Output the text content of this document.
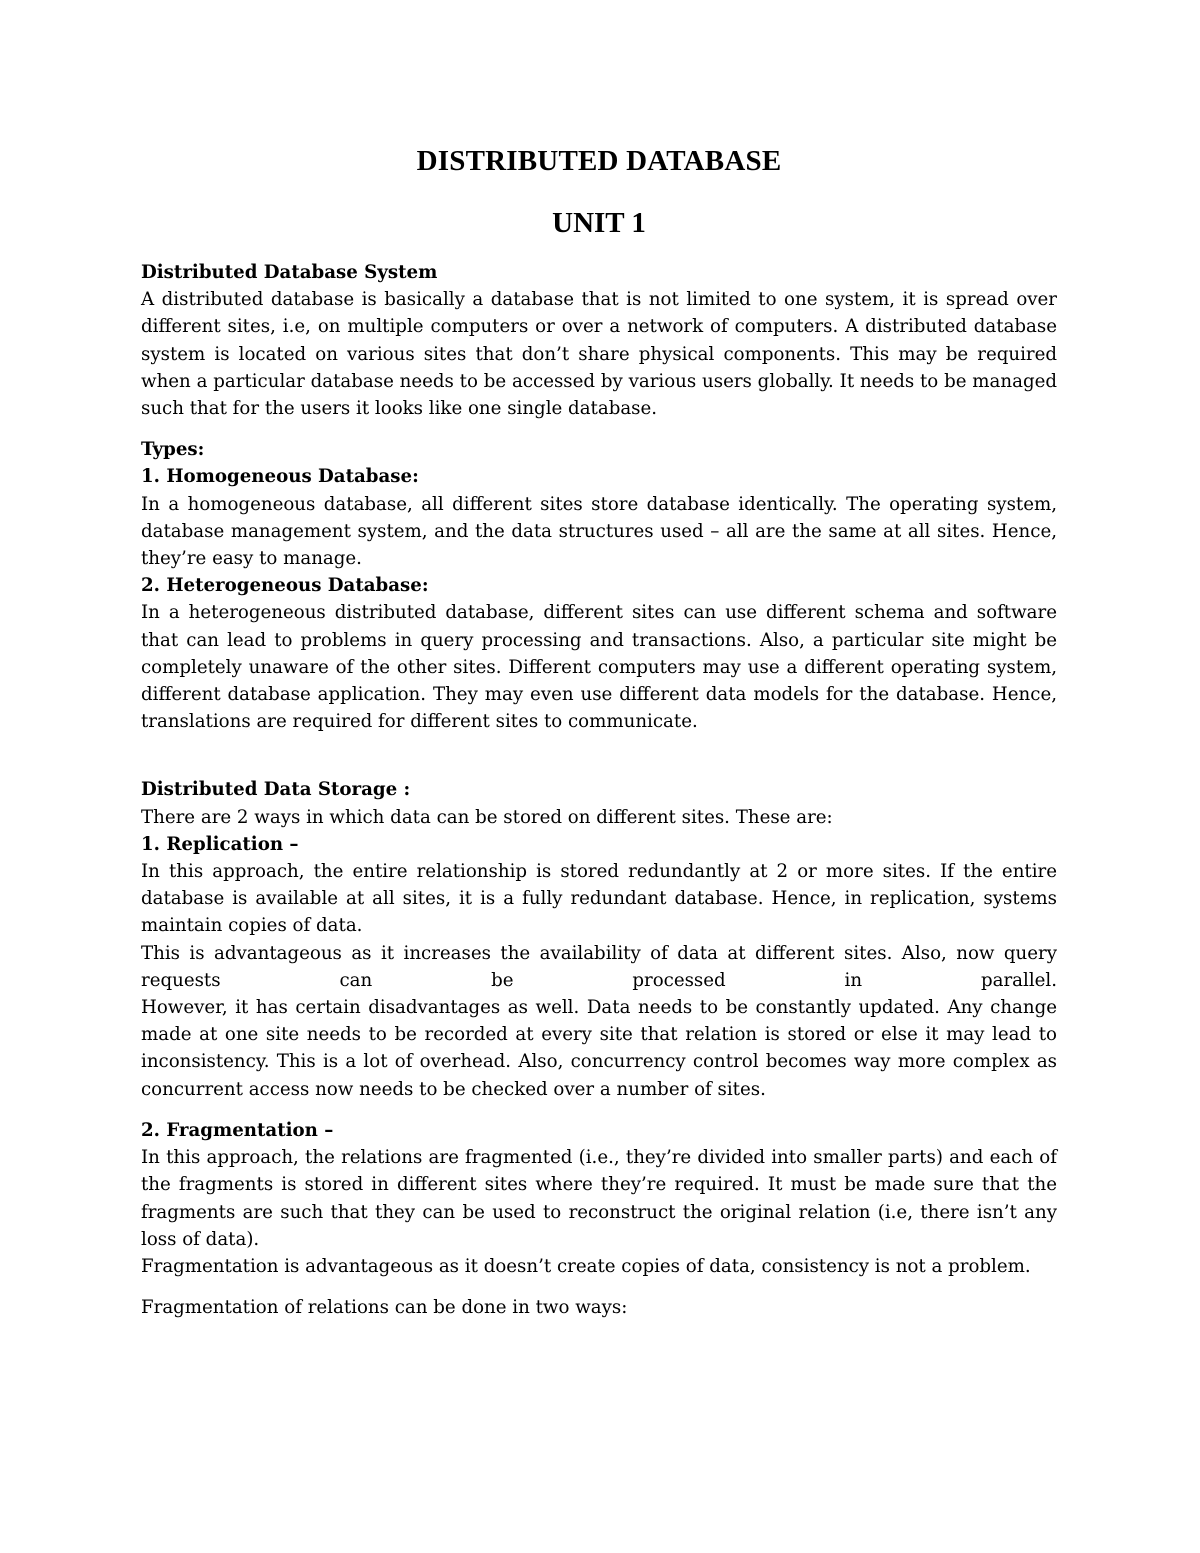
DISTRIBUTED DATABASE
UNIT 1

Distributed Database System

A distributed database is basically a database that is not limited to one system, it is spread over different sites, i.e, on multiple computers or over a network of computers. A distributed database system is located on various sites that don’t share physical components. This may be required when a particular database needs to be accessed by various users globally. It needs to be managed such that for the users it looks like one single database.

Types:

1. Homogeneous Database:

In a homogeneous database, all different sites store database identically. The operating system, database management system, and the data structures used – all are the same at all sites. Hence, they’re easy to manage.

2. Heterogeneous Database:

In a heterogeneous distributed database, different sites can use different schema and software that can lead to problems in query processing and transactions. Also, a particular site might be completely unaware of the other sites. Different computers may use a different operating system, different database application. They may even use different data models for the database. Hence, translations are required for different sites to communicate.

Distributed Data Storage :

There are 2 ways in which data can be stored on different sites. These are:

1. Replication –

In this approach, the entire relationship is stored redundantly at 2 or more sites. If the entire database is available at all sites, it is a fully redundant database. Hence, in replication, systems maintain copies of data.

This is advantageous as it increases the availability of data at different sites. Also, now query requests can be processed in parallel.

However, it has certain disadvantages as well. Data needs to be constantly updated. Any change made at one site needs to be recorded at every site that relation is stored or else it may lead to inconsistency. This is a lot of overhead. Also, concurrency control becomes way more complex as concurrent access now needs to be checked over a number of sites.

2. Fragmentation –

In this approach, the relations are fragmented (i.e., they’re divided into smaller parts) and each of the fragments is stored in different sites where they’re required. It must be made sure that the fragments are such that they can be used to reconstruct the original relation (i.e, there isn’t any loss of data).

Fragmentation is advantageous as it doesn’t create copies of data, consistency is not a problem.

Fragmentation of relations can be done in two ways:
